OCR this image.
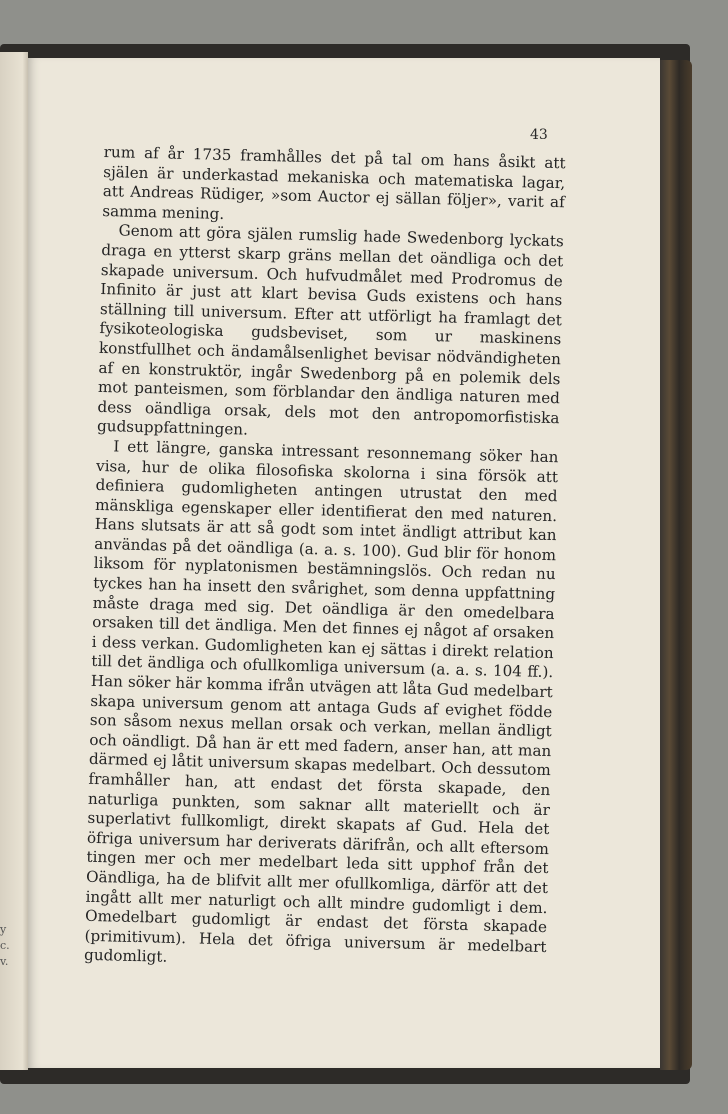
y
c.
v.
43

rum af år 1735 framhålles det på tal om hans åsikt att själen är underkastad mekaniska och matematiska lagar, att Andreas Rüdiger, »som Auctor ej sällan följer», varit af samma mening.

Genom att göra själen rumslig hade Swedenborg lyckats draga en ytterst skarp gräns mellan det oändliga och det skapade universum. Och hufvudmålet med Prodromus de Infinito är just att klart bevisa Guds existens och hans ställning till universum. Efter att utförligt ha framlagt det fysikoteologiska gudsbeviset, som ur maskinens konstfullhet och ändamålsenlighet bevisar nödvändigheten af en konstruktör, ingår Swedenborg på en polemik dels mot panteismen, som förblandar den ändliga naturen med dess oändliga orsak, dels mot den antropomorfistiska gudsuppfattningen.

I ett längre, ganska intressant resonnemang söker han visa, hur de olika filosofiska skolorna i sina försök att definiera gudomligheten antingen utrustat den med mänskliga egenskaper eller identifierat den med naturen. Hans slutsats är att så godt som intet ändligt attribut kan användas på det oändliga (a. a. s. 100). Gud blir för honom liksom för nyplatonismen bestämningslös. Och redan nu tyckes han ha insett den svårighet, som denna uppfattning måste draga med sig. Det oändliga är den omedelbara orsaken till det ändliga. Men det finnes ej något af orsaken i dess verkan. Gudomligheten kan ej sättas i direkt relation till det ändliga och ofullkomliga universum (a. a. s. 104 ff.). Han söker här komma ifrån utvägen att låta Gud medelbart skapa universum genom att antaga Guds af evighet födde son såsom nexus mellan orsak och verkan, mellan ändligt och oändligt. Då han är ett med fadern, anser han, att man därmed ej låtit universum skapas medelbart. Och dessutom framhåller han, att endast det första skapade, den naturliga punkten, som saknar allt materiellt och är superlativt fullkomligt, direkt skapats af Gud. Hela det öfriga universum har deriverats därifrån, och allt eftersom tingen mer och mer medelbart leda sitt upphof från det Oändliga, ha de blifvit allt mer ofullkomliga, därför att det ingått allt mer naturligt och allt mindre gudomligt i dem. Omedelbart gudomligt är endast det första skapade (primitivum). Hela det öfriga universum är medelbart gudomligt.
